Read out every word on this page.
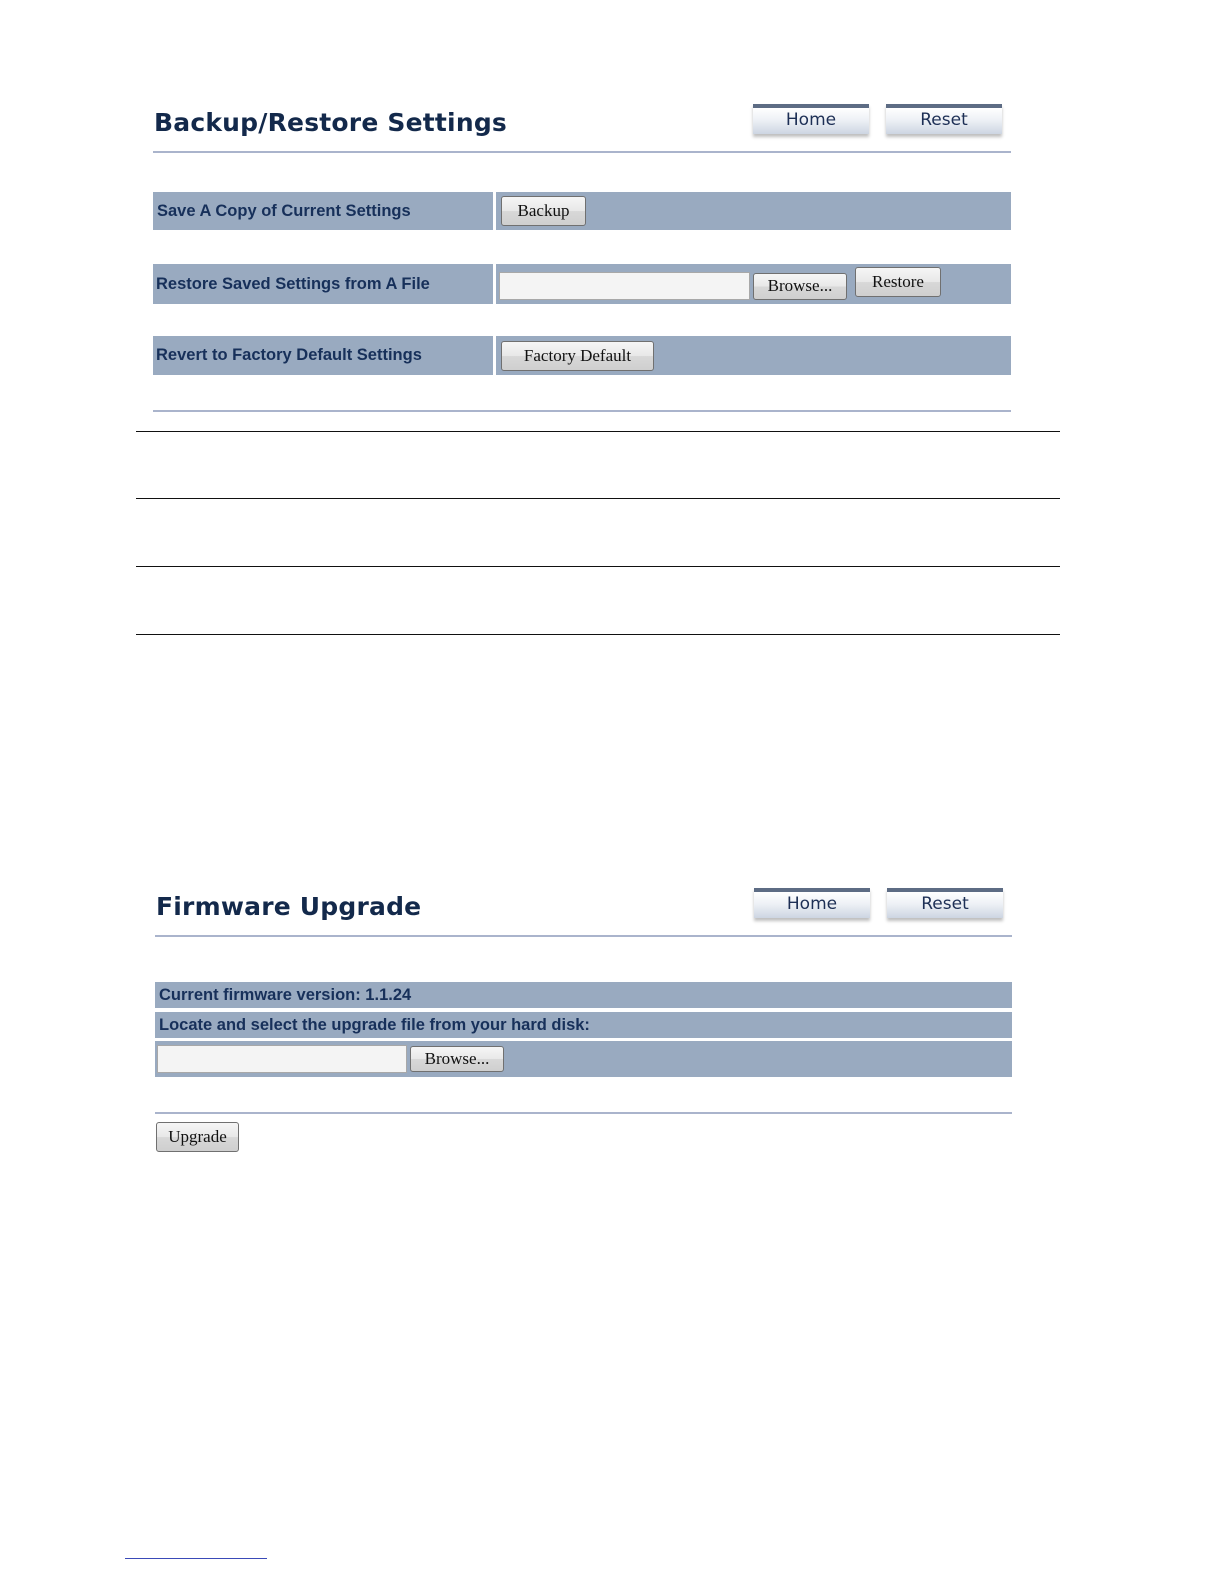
Backup/Restore Settings	Home	Reset
Save A Copy of Current Settings	Backup
Restore Saved Settings from A File	Browse...	Restore
Revert to Factory Default Settings	Factory Default
Firmware Upgrade	Home	Reset
Current firmware version: 1.1.24
Locate and select the upgrade file from your hard disk:
Browse...
Upgrade
